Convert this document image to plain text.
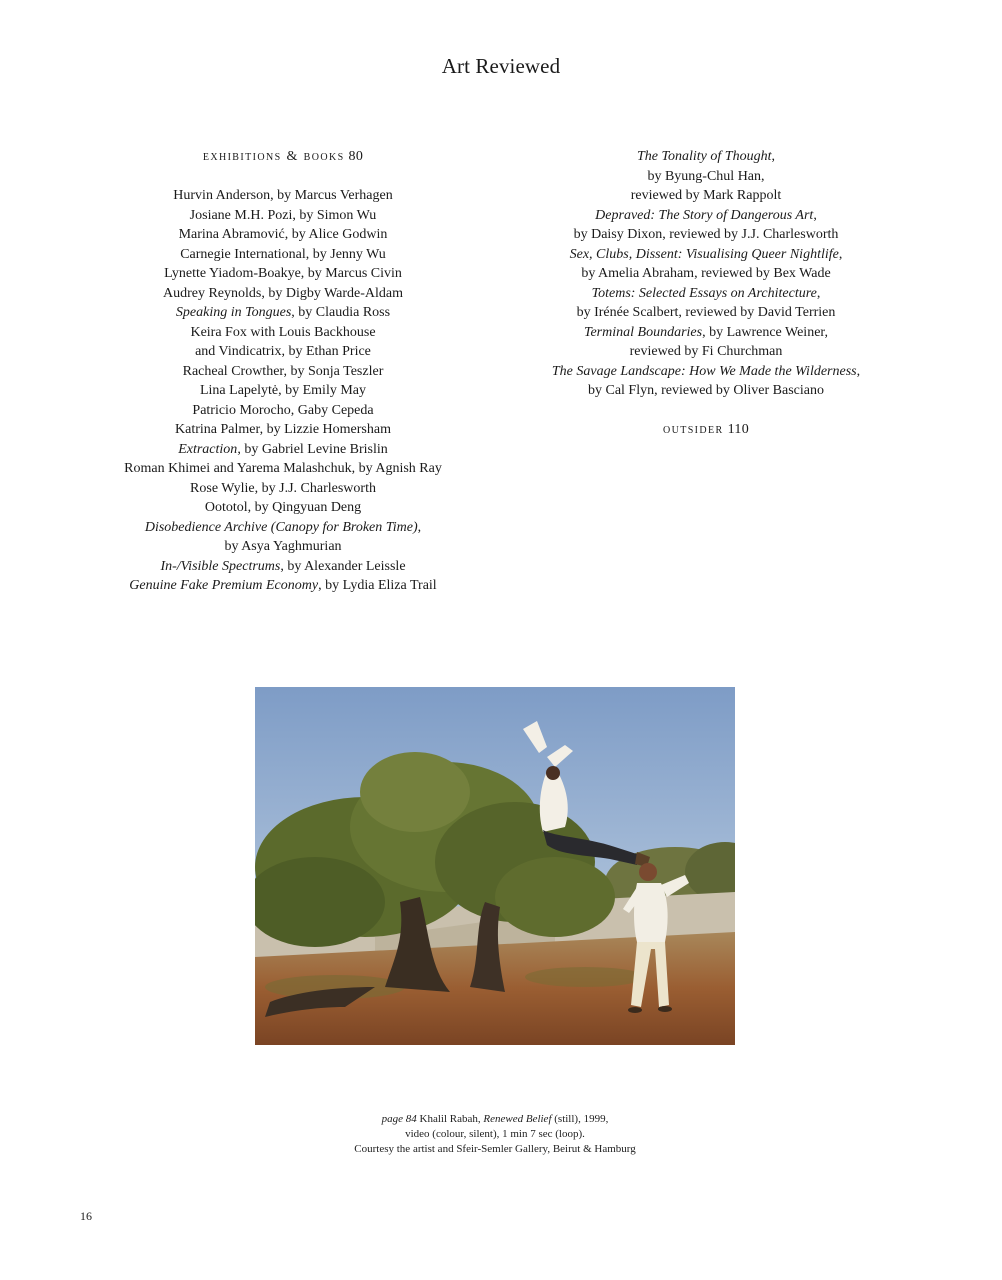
Art Reviewed
exhibitions & books 80
Hurvin Anderson, by Marcus Verhagen
Josiane M.H. Pozi, by Simon Wu
Marina Abramović, by Alice Godwin
Carnegie International, by Jenny Wu
Lynette Yiadom-Boakye, by Marcus Civin
Audrey Reynolds, by Digby Warde-Aldam
Speaking in Tongues, by Claudia Ross
Keira Fox with Louis Backhouse
and Vindicatrix, by Ethan Price
Racheal Crowther, by Sonja Teszler
Lina Lapelytė, by Emily May
Patricio Morocho, Gaby Cepeda
Katrina Palmer, by Lizzie Homersham
Extraction, by Gabriel Levine Brislin
Roman Khimei and Yarema Malashchuk, by Agnish Ray
Rose Wylie, by J.J. Charlesworth
Oototol, by Qingyuan Deng
Disobedience Archive (Canopy for Broken Time),
by Asya Yaghmurian
In-/Visible Spectrums, by Alexander Leissle
Genuine Fake Premium Economy, by Lydia Eliza Trail
The Tonality of Thought,
by Byung-Chul Han,
reviewed by Mark Rappolt
Depraved: The Story of Dangerous Art,
by Daisy Dixon, reviewed by J.J. Charlesworth
Sex, Clubs, Dissent: Visualising Queer Nightlife,
by Amelia Abraham, reviewed by Bex Wade
Totems: Selected Essays on Architecture,
by Irénée Scalbert, reviewed by David Terrien
Terminal Boundaries, by Lawrence Weiner,
reviewed by Fi Churchman
The Savage Landscape: How We Made the Wilderness,
by Cal Flyn, reviewed by Oliver Basciano
outsider 110
page 84 Khalil Rabah, Renewed Belief (still), 1999,
video (colour, silent), 1 min 7 sec (loop).
Courtesy the artist and Sfeir-Semler Gallery, Beirut & Hamburg
16
